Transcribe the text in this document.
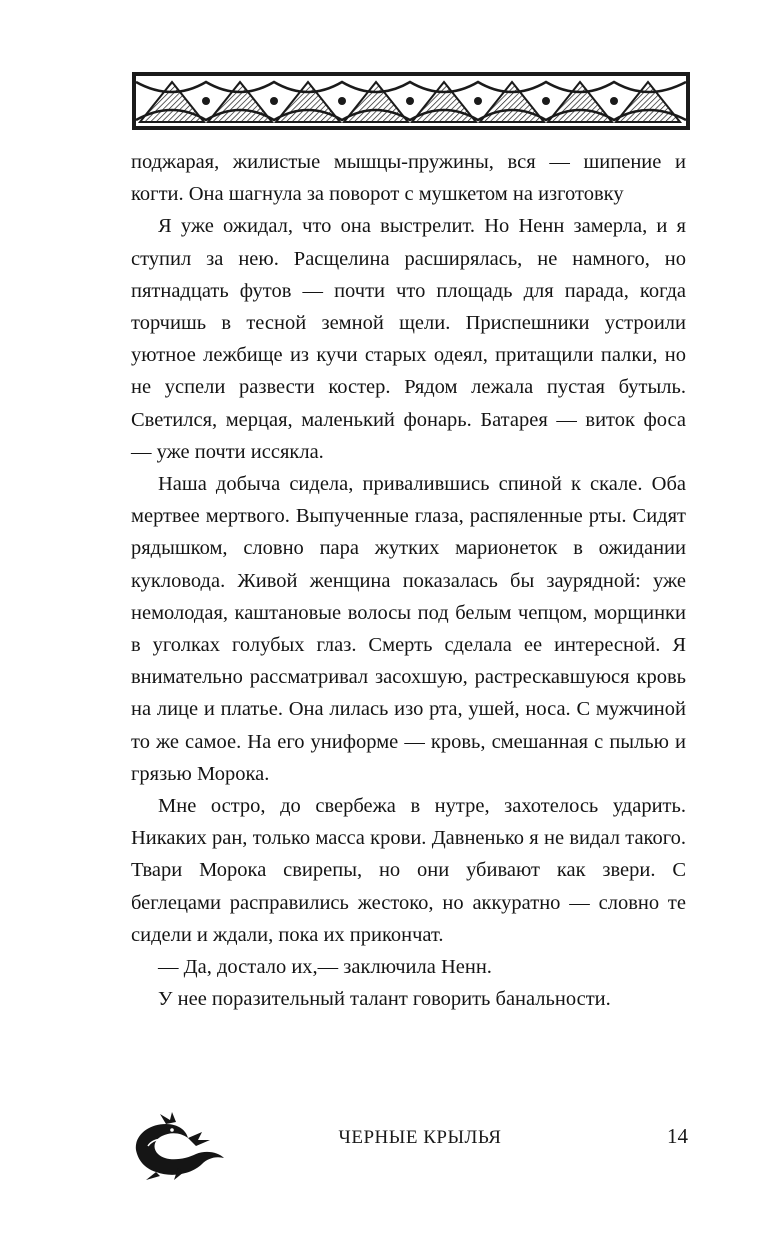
поджарая, жилистые мышцы-пружины, вся — шипение и когти. Она шагнула за поворот с мушкетом на изготовку

Я уже ожидал, что она выстрелит. Но Ненн замерла, и я ступил за нею. Расщелина расширялась, не намного, но пятнадцать футов — почти что площадь для парада, когда торчишь в тесной земной щели. Приспешники устроили уютное лежбище из кучи старых одеял, притащили палки, но не успели развести костер. Рядом лежала пустая бутыль. Светился, мерцая, маленький фонарь. Батарея — виток фоса — уже почти иссякла.

Наша добыча сидела, привалившись спиной к скале. Оба мертвее мертвого. Выпученные глаза, распяленные рты. Сидят рядышком, словно пара жутких марионеток в ожидании кукловода. Живой женщина показалась бы заурядной: уже немолодая, каштановые волосы под белым чепцом, морщинки в уголках голубых глаз. Смерть сделала ее интересной. Я внимательно рассматривал засохшую, растрескавшуюся кровь на лице и платье. Она лилась изо рта, ушей, носа. С мужчиной то же самое. На его униформе — кровь, смешанная с пылью и грязью Морока.

Мне остро, до свербежа в нутре, захотелось ударить. Никаких ран, только масса крови. Давненько я не видал такого. Твари Морока свирепы, но они убивают как звери. С беглецами расправились жестоко, но аккуратно — словно те сидели и ждали, пока их прикончат.

— Да, достало их,— заключила Ненн.

У нее поразительный талант говорить банальности.

ЧЕРНЫЕ КРЫЛЬЯ	14
